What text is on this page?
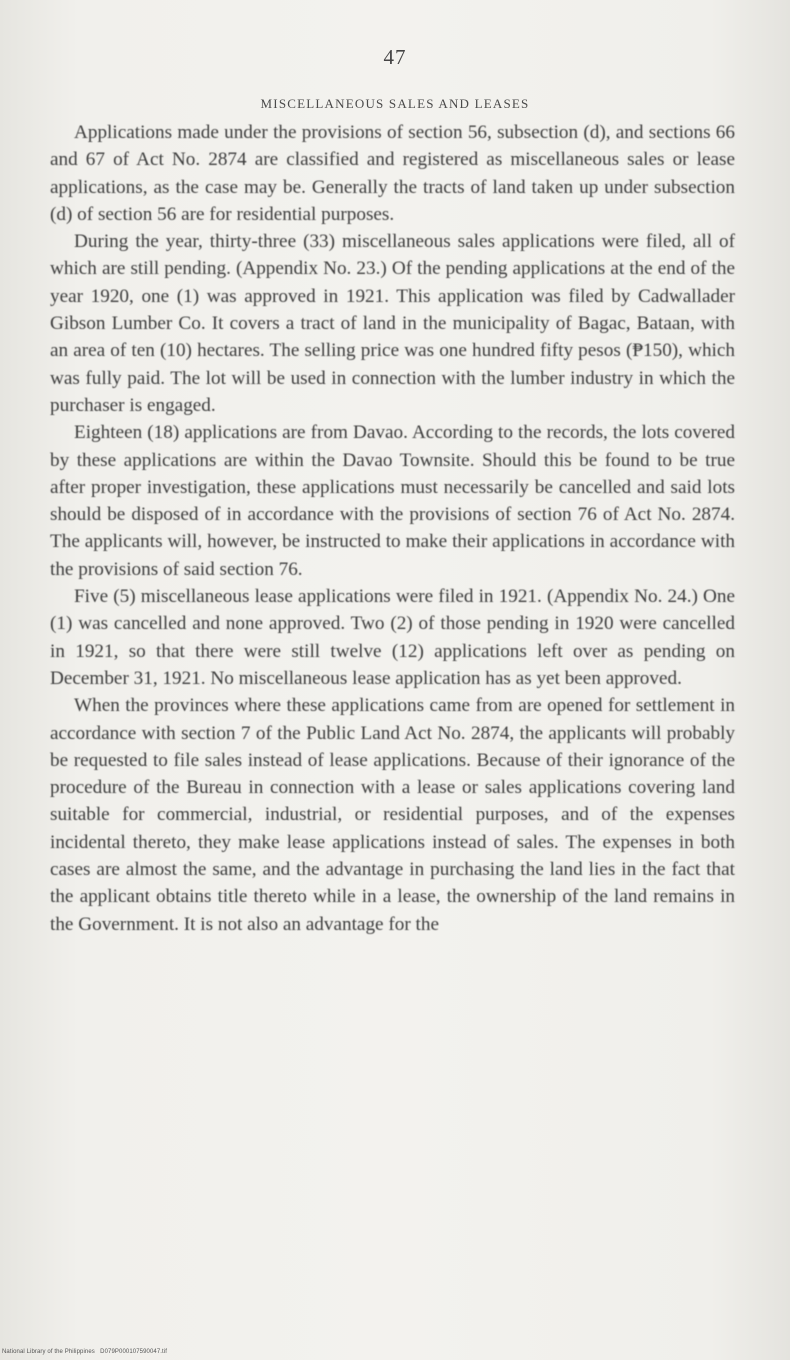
47
MISCELLANEOUS SALES AND LEASES

Applications made under the provisions of section 56, subsection (d), and sections 66 and 67 of Act No. 2874 are classified and registered as miscellaneous sales or lease applications, as the case may be. Generally the tracts of land taken up under subsection (d) of section 56 are for residential purposes.

During the year, thirty-three (33) miscellaneous sales applications were filed, all of which are still pending. (Appendix No. 23.) Of the pending applications at the end of the year 1920, one (1) was approved in 1921. This application was filed by Cadwallader Gibson Lumber Co. It covers a tract of land in the municipality of Bagac, Bataan, with an area of ten (10) hectares. The selling price was one hundred fifty pesos (₱150), which was fully paid. The lot will be used in connection with the lumber industry in which the purchaser is engaged.

Eighteen (18) applications are from Davao. According to the records, the lots covered by these applications are within the Davao Townsite. Should this be found to be true after proper investigation, these applications must necessarily be cancelled and said lots should be disposed of in accordance with the provisions of section 76 of Act No. 2874. The applicants will, however, be instructed to make their applications in accordance with the provisions of said section 76.

Five (5) miscellaneous lease applications were filed in 1921. (Appendix No. 24.) One (1) was cancelled and none approved. Two (2) of those pending in 1920 were cancelled in 1921, so that there were still twelve (12) applications left over as pending on December 31, 1921. No miscellaneous lease application has as yet been approved.

When the provinces where these applications came from are opened for settlement in accordance with section 7 of the Public Land Act No. 2874, the applicants will probably be requested to file sales instead of lease applications. Because of their ignorance of the procedure of the Bureau in connection with a lease or sales applications covering land suitable for commercial, industrial, or residential purposes, and of the expenses incidental thereto, they make lease applications instead of sales. The expenses in both cases are almost the same, and the advantage in purchasing the land lies in the fact that the applicant obtains title thereto while in a lease, the ownership of the land remains in the Government. It is not also an advantage for the

National Library of the Philippines   D079P000107590047.tif
